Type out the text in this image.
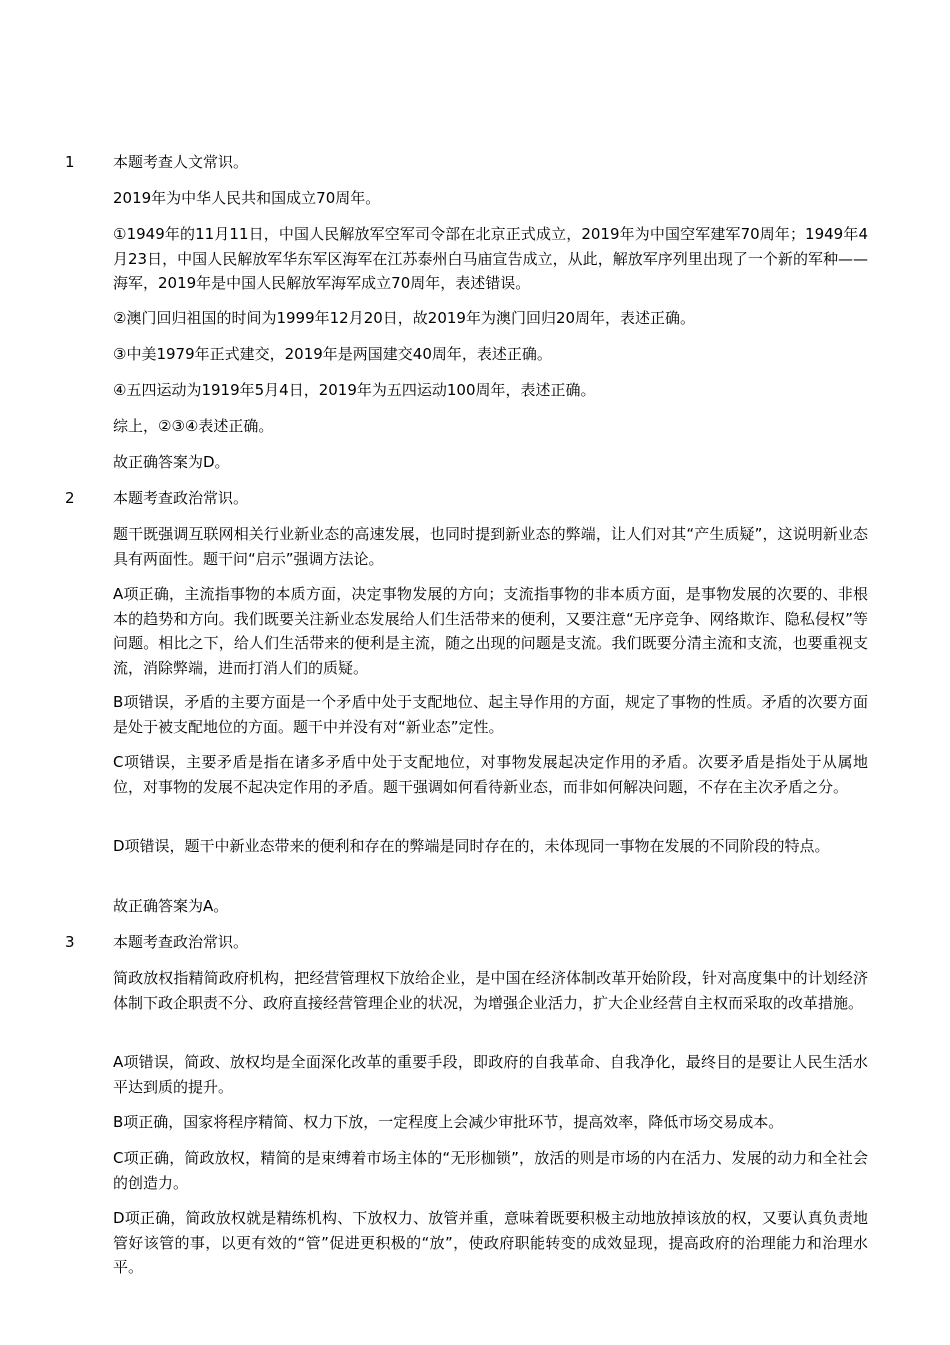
1	本题考查人文常识。

2019年为中华人民共和国成立70周年。

①1949年的11月11日，中国人民解放军空军司令部在北京正式成立，2019年为中国空军建军70周年；1949年4月23日，中国人民解放军华东军区海军在江苏泰州白马庙宣告成立，从此，解放军序列里出现了一个新的军种——海军，2019年是中国人民解放军海军成立70周年，表述错误。

②澳门回归祖国的时间为1999年12月20日，故2019年为澳门回归20周年，表述正确。

③中美1979年正式建交，2019年是两国建交40周年，表述正确。

④五四运动为1919年5月4日，2019年为五四运动100周年，表述正确。

综上，②③④表述正确。

故正确答案为D。

2	本题考查政治常识。

题干既强调互联网相关行业新业态的高速发展，也同时提到新业态的弊端，让人们对其“产生质疑”，这说明新业态具有两面性。题干问“启示”强调方法论。

A项正确，主流指事物的本质方面，决定事物发展的方向；支流指事物的非本质方面，是事物发展的次要的、非根本的趋势和方向。我们既要关注新业态发展给人们生活带来的便利，又要注意“无序竞争、网络欺诈、隐私侵权”等问题。相比之下，给人们生活带来的便利是主流，随之出现的问题是支流。我们既要分清主流和支流，也要重视支流，消除弊端，进而打消人们的质疑。

B项错误，矛盾的主要方面是一个矛盾中处于支配地位、起主导作用的方面，规定了事物的性质。矛盾的次要方面是处于被支配地位的方面。题干中并没有对“新业态”定性。

C项错误，主要矛盾是指在诸多矛盾中处于支配地位，对事物发展起决定作用的矛盾。次要矛盾是指处于从属地位，对事物的发展不起决定作用的矛盾。题干强调如何看待新业态，而非如何解决问题，不存在主次矛盾之分。

D项错误，题干中新业态带来的便利和存在的弊端是同时存在的，未体现同一事物在发展的不同阶段的特点。

故正确答案为A。

3	本题考查政治常识。

简政放权指精简政府机构，把经营管理权下放给企业，是中国在经济体制改革开始阶段，针对高度集中的计划经济体制下政企职责不分、政府直接经营管理企业的状况，为增强企业活力，扩大企业经营自主权而采取的改革措施。

A项错误，简政、放权均是全面深化改革的重要手段，即政府的自我革命、自我净化，最终目的是要让人民生活水平达到质的提升。

B项正确，国家将程序精简、权力下放，一定程度上会减少审批环节，提高效率，降低市场交易成本。

C项正确，简政放权，精简的是束缚着市场主体的“无形枷锁”，放活的则是市场的内在活力、发展的动力和全社会的创造力。

D项正确，简政放权就是精练机构、下放权力、放管并重，意味着既要积极主动地放掉该放的权，又要认真负责地管好该管的事，以更有效的“管”促进更积极的“放”，使政府职能转变的成效显现，提高政府的治理能力和治理水平。
